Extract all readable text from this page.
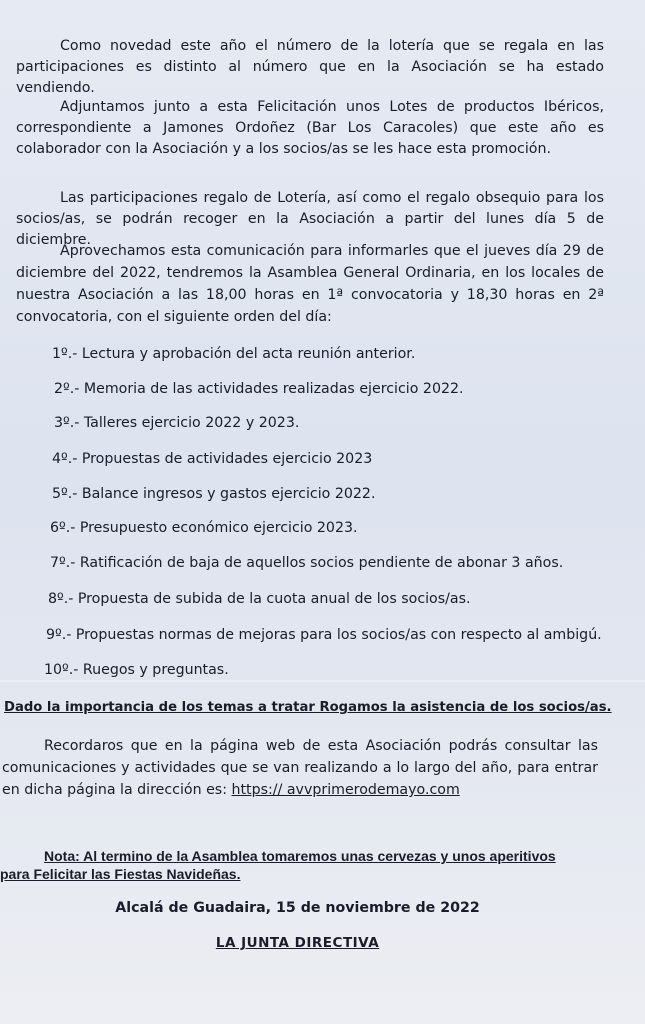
Como novedad este año el número de la lotería que se regala en las participaciones es distinto al número que en la Asociación se ha estado vendiendo.

Adjuntamos junto a esta Felicitación unos Lotes de productos Ibéricos, correspondiente a Jamones Ordoñez (Bar Los Caracoles) que este año es colaborador con la Asociación y a los socios/as se les hace esta promoción.

Las participaciones regalo de Lotería, así como el regalo obsequio para los socios/as, se podrán recoger en la Asociación a partir del lunes día 5 de diciembre.

Aprovechamos esta comunicación para informarles que el jueves día 29 de diciembre del 2022, tendremos la Asamblea General Ordinaria, en los locales de nuestra Asociación a las 18,00 horas en 1ª convocatoria y 18,30 horas en 2ª convocatoria, con el siguiente orden del día:

1º.- Lectura y aprobación del acta reunión anterior.

2º.- Memoria de las actividades realizadas ejercicio 2022.

3º.- Talleres ejercicio 2022 y 2023.

4º.- Propuestas de actividades ejercicio 2023

5º.- Balance ingresos y gastos ejercicio 2022.

6º.- Presupuesto económico ejercicio 2023.

7º.- Ratificación de baja de aquellos socios pendiente de abonar 3 años.

8º.- Propuesta de subida de la cuota anual de los socios/as.

9º.- Propuestas normas de mejoras para los socios/as con respecto al ambigú.

10º.- Ruegos y preguntas.

Dado la importancia de los temas a tratar Rogamos la asistencia de los socios/as.

Recordaros que en la página web de esta Asociación podrás consultar las comunicaciones y actividades que se van realizando a lo largo del año, para entrar en dicha página la dirección es: https:// avvprimerodemayo.com

Nota: Al termino de la Asamblea tomaremos unas cervezas y unos aperitivos

para Felicitar las Fiestas Navideñas.

Alcalá de Guadaira, 15 de noviembre de 2022

LA JUNTA DIRECTIVA
